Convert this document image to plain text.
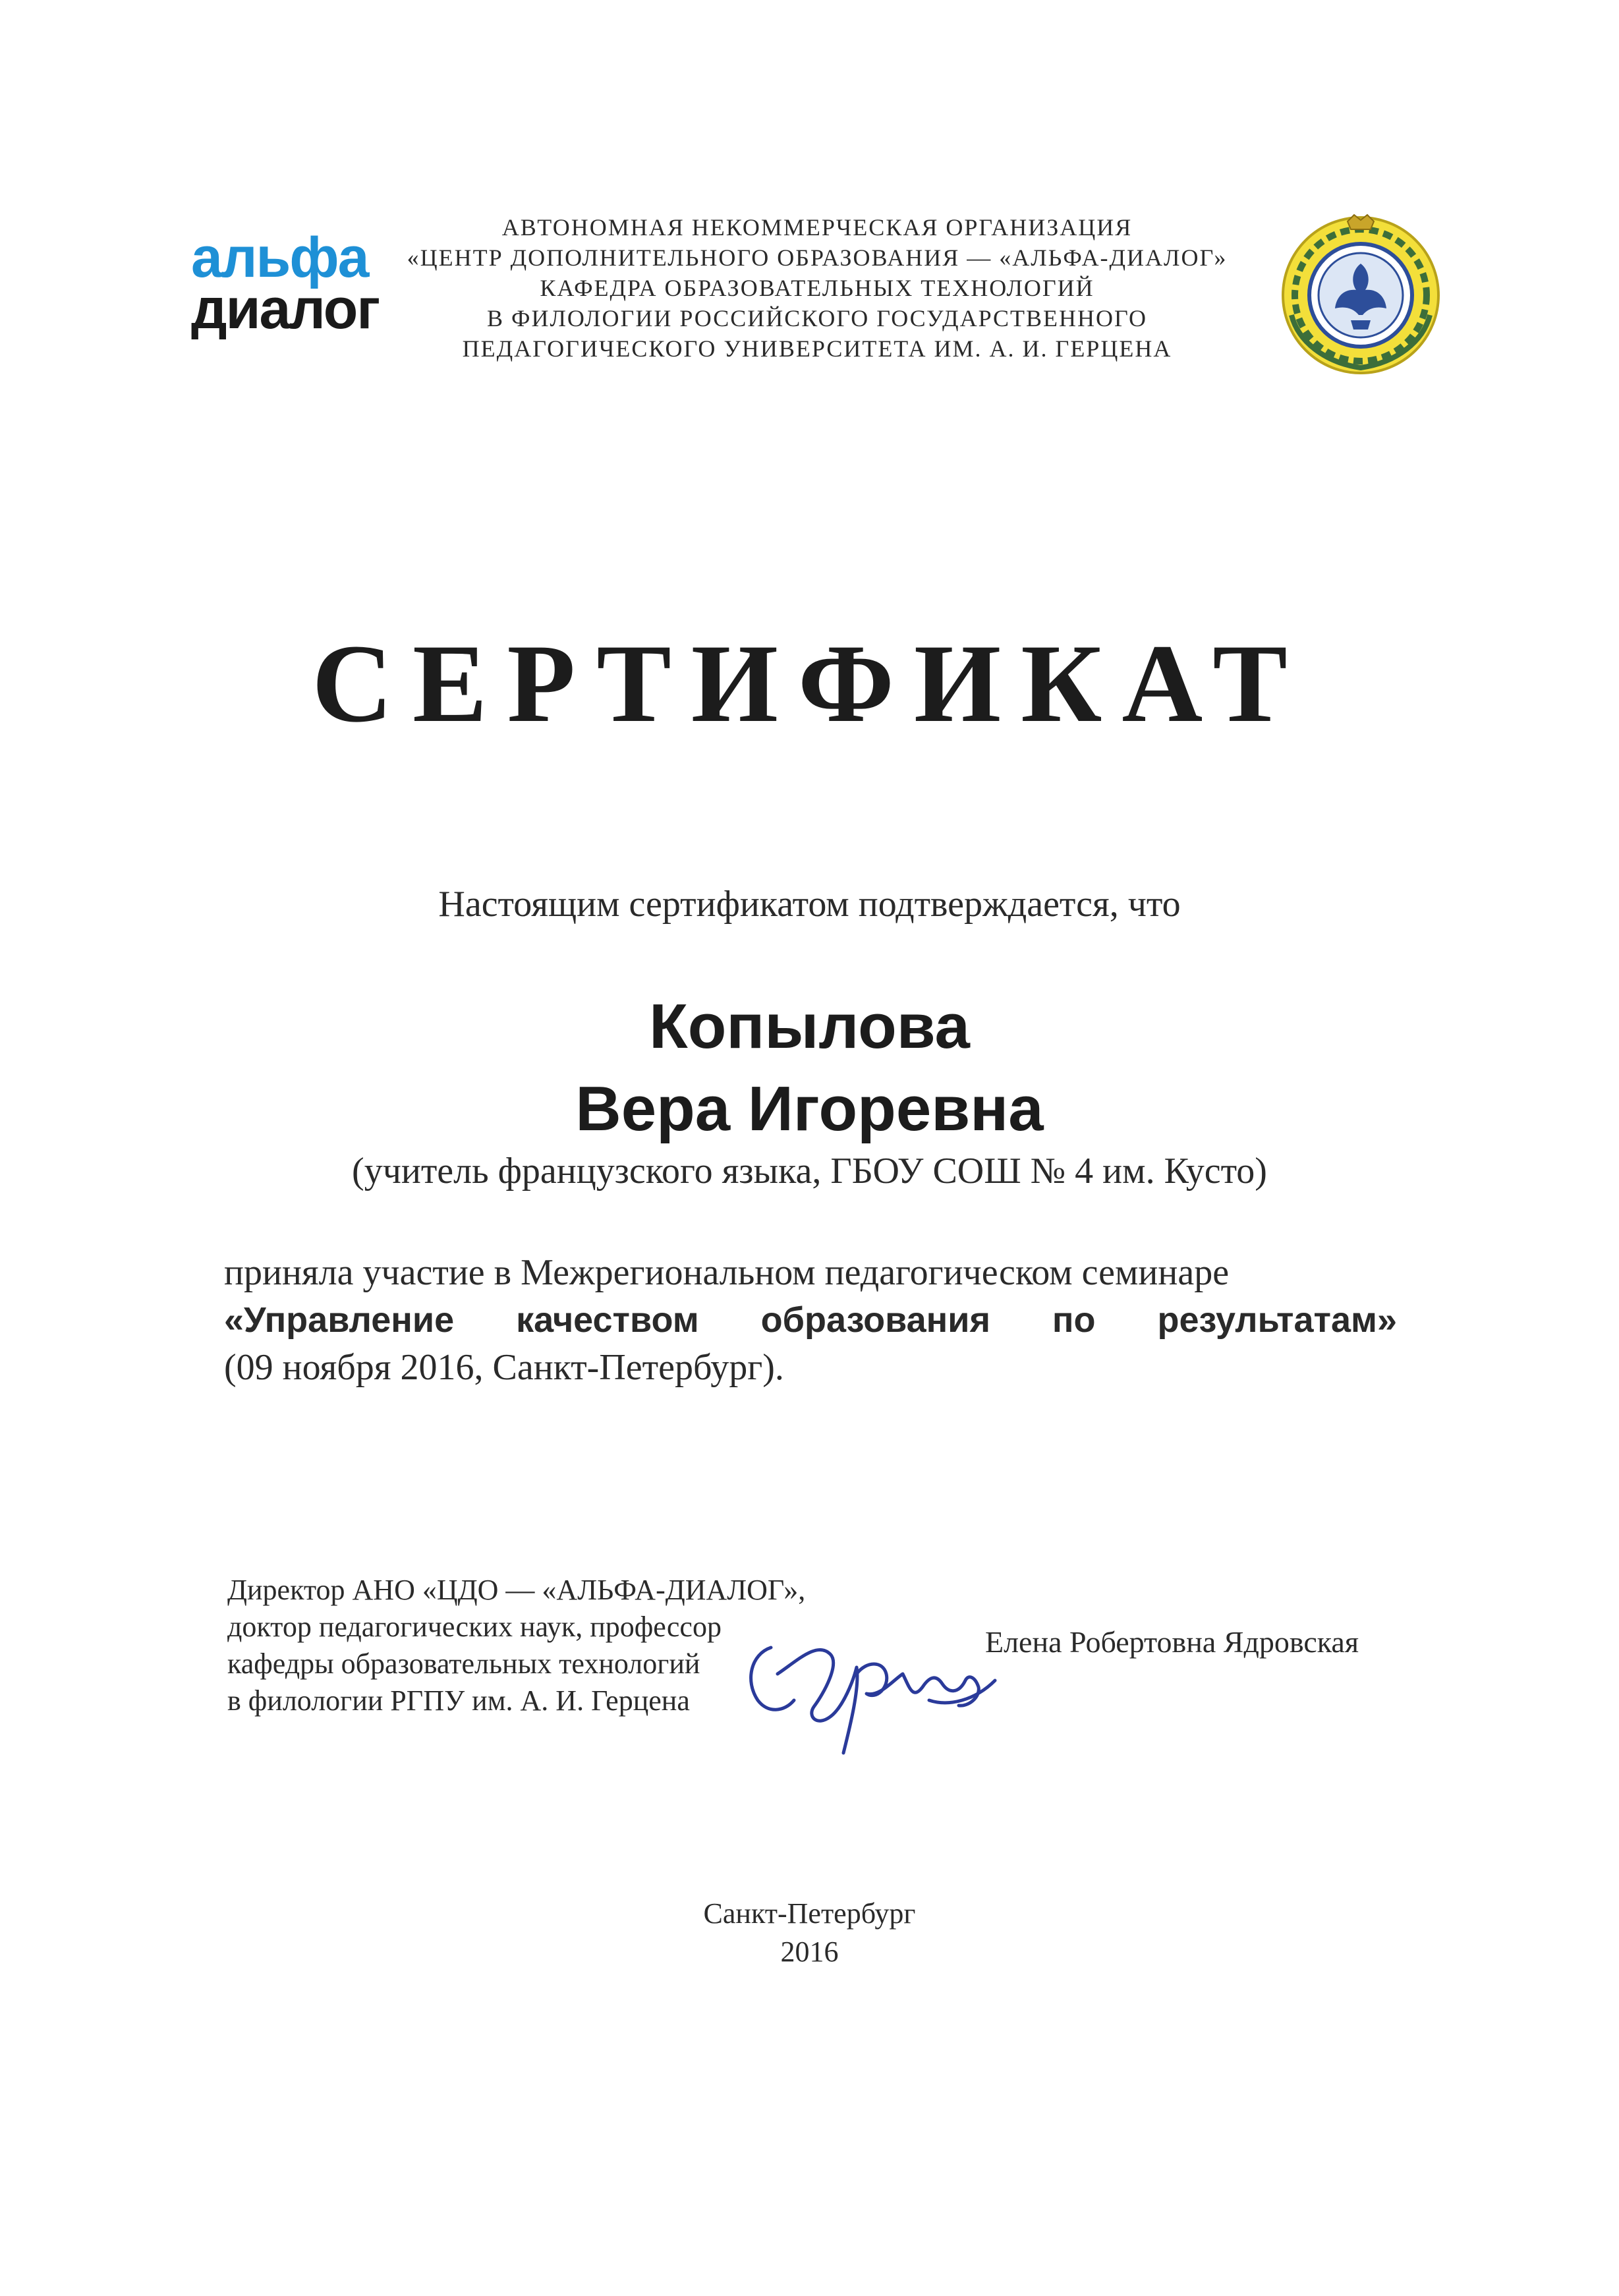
альфа
диалог
АВТОНОМНАЯ НЕКОММЕРЧЕСКАЯ ОРГАНИЗАЦИЯ
«ЦЕНТР ДОПОЛНИТЕЛЬНОГО ОБРАЗОВАНИЯ — «АЛЬФА-ДИАЛОГ»
КАФЕДРА ОБРАЗОВАТЕЛЬНЫХ ТЕХНОЛОГИЙ
В ФИЛОЛОГИИ РОССИЙСКОГО ГОСУДАРСТВЕННОГО
ПЕДАГОГИЧЕСКОГО УНИВЕРСИТЕТА ИМ. А. И. ГЕРЦЕНА
СЕРТИФИКАТ
Настоящим сертификатом подтверждается, что
Копылова
Вера Игоревна
(учитель французского языка, ГБОУ СОШ № 4 им. Кусто)
приняла участие в Межрегиональном педагогическом семинаре
«Управление качеством образования по результатам»
(09 ноября 2016, Санкт-Петербург).
Директор АНО «ЦДО — «АЛЬФА-ДИАЛОГ»,
доктор педагогических наук, профессор
кафедры образовательных технологий
в филологии РГПУ им. А. И. Герцена
Елена Робертовна Ядровская
Санкт-Петербург
2016
